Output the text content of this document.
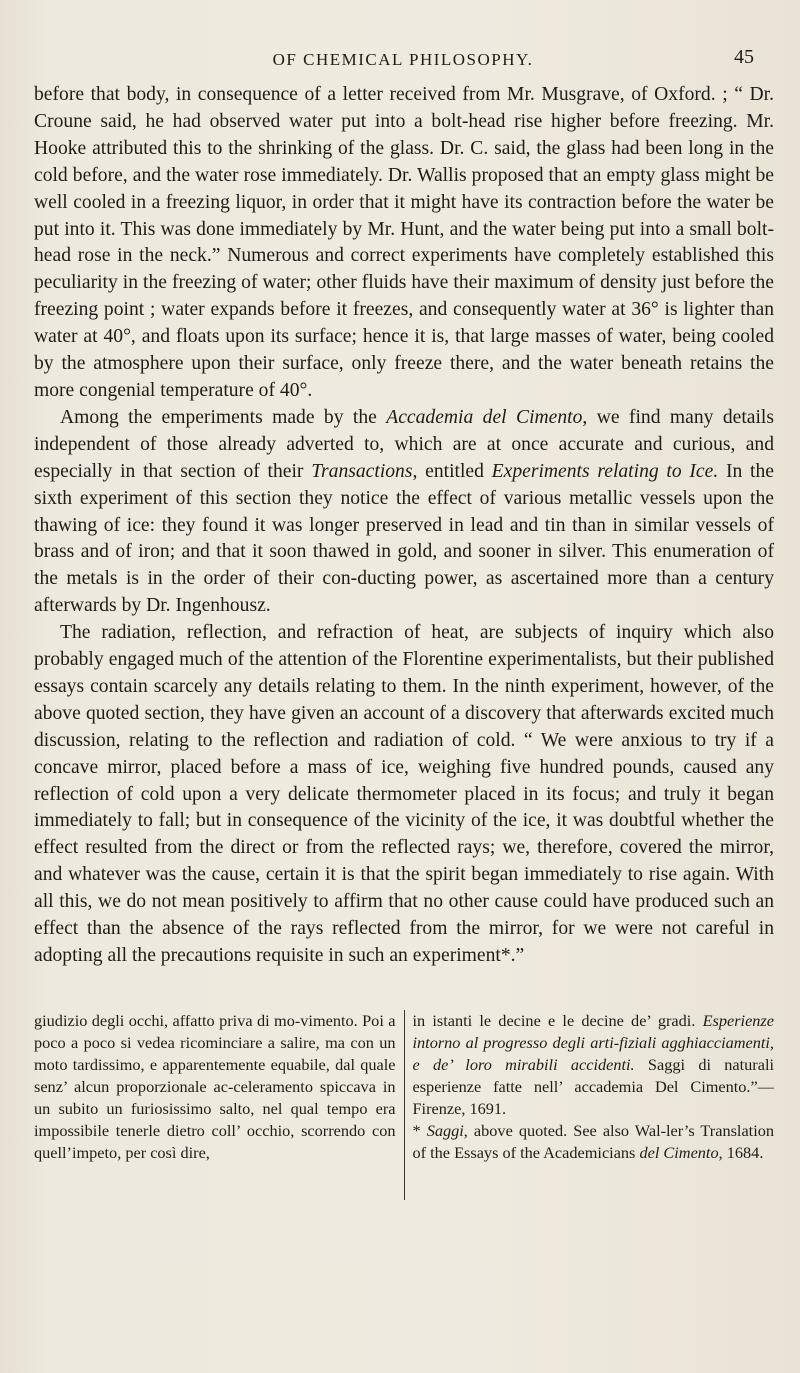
OF CHEMICAL PHILOSOPHY.	45

before that body, in consequence of a letter received from Mr. Musgrave, of Oxford. ; “ Dr. Croune said, he had observed water put into a bolt-head rise higher before freezing. Mr. Hooke attributed this to the shrinking of the glass. Dr. C. said, the glass had been long in the cold before, and the water rose immediately. Dr. Wallis proposed that an empty glass might be well cooled in a freezing liquor, in order that it might have its contraction before the water be put into it. This was done immediately by Mr. Hunt, and the water being put into a small bolt-head rose in the neck.” Numerous and correct experiments have completely established this peculiarity in the freezing of water; other fluids have their maximum of density just before the freezing point ; water expands before it freezes, and consequently water at 36° is lighter than water at 40°, and floats upon its surface; hence it is, that large masses of water, being cooled by the atmosphere upon their surface, only freeze there, and the water beneath retains the more congenial temperature of 40°.

Among the emperiments made by the Accademia del Cimento, we find many details independent of those already adverted to, which are at once accurate and curious, and especially in that section of their Transactions, entitled Experiments relating to Ice. In the sixth experiment of this section they notice the effect of various metallic vessels upon the thawing of ice: they found it was longer preserved in lead and tin than in similar vessels of brass and of iron; and that it soon thawed in gold, and sooner in silver. This enumeration of the metals is in the order of their con-ducting power, as ascertained more than a century afterwards by Dr. Ingenhousz.

The radiation, reflection, and refraction of heat, are subjects of inquiry which also probably engaged much of the attention of the Florentine experimentalists, but their published essays contain scarcely any details relating to them. In the ninth experiment, however, of the above quoted section, they have given an account of a discovery that afterwards excited much discussion, relating to the reflection and radiation of cold. “ We were anxious to try if a concave mirror, placed before a mass of ice, weighing five hundred pounds, caused any reflection of cold upon a very delicate thermometer placed in its focus; and truly it began immediately to fall; but in consequence of the vicinity of the ice, it was doubtful whether the effect resulted from the direct or from the reflected rays; we, therefore, covered the mirror, and whatever was the cause, certain it is that the spirit began immediately to rise again. With all this, we do not mean positively to affirm that no other cause could have produced such an effect than the absence of the rays reflected from the mirror, for we were not careful in adopting all the precautions requisite in such an experiment*.”

giudizio degli occhi, affatto priva di mo-vimento. Poi a poco a poco si vedea ricominciare a salire, ma con un moto tardissimo, e apparentemente equabile, dal quale senz’ alcun proporzionale ac-celeramento spiccava in un subito un furiosissimo salto, nel qual tempo era impossibile tenerle dietro coll’ occhio, scorrendo con quell’impeto, per così dire,

in istanti le decine e le decine de’ gradi. Esperienze intorno al progresso degli arti-fiziali agghiacciamenti, e de’ loro mirabili accidenti. Saggi di naturali esperienze fatte nell’ accademia Del Cimento.”— Firenze, 1691.
* Saggi, above quoted. See also Wal-ler’s Translation of the Essays of the Academicians del Cimento, 1684.
